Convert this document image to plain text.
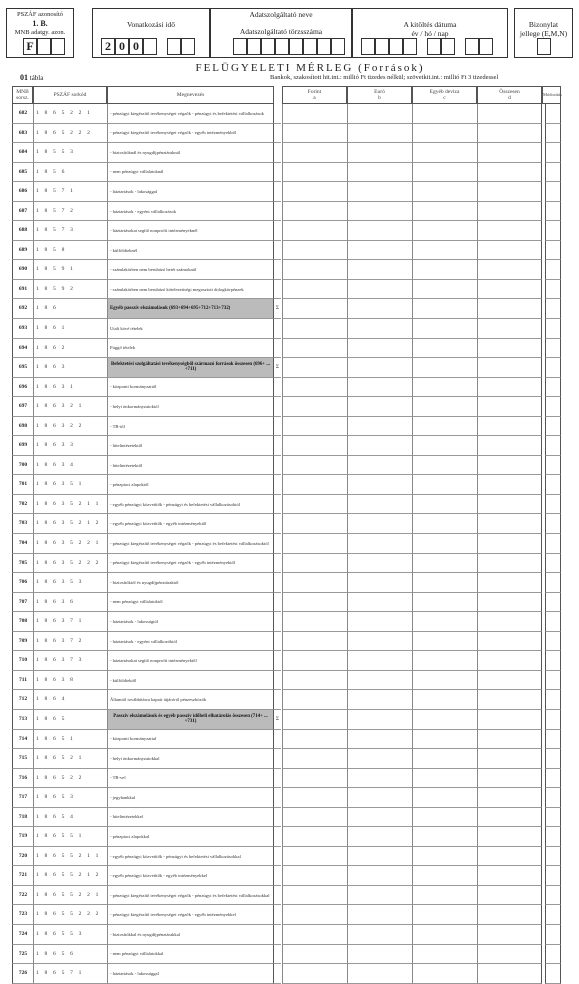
PSZÁF azonosító
1. B.
MNB adatgy. azon.
F
Vonatkozási idő
2 0 0
Adatszolgáltató neve
Adatszolgáltató törzsszáma
A kitöltés dátuma
év / hó / nap
Bizonylat
jellege (E,M,N)
FELÜGYELETI MÉRLEG (Források)
01 tábla	Bankok, szakosított hit.int.: millió Ft tizedes nélkül; szövetkit.int.: millió Ft 3 tizedessel
MNB sorsz.	PSZÁF sorkód	Megnevezés	Forint
a
Euró
b
Egyéb deviza
c
Összesen
d
Módosítás
682	1 8 6 5 2 2 1	- pénzügyi kiegészítő tevékenységet végzők - pénzügyi és befektetési vállalkozások
683	1 8 6 5 2 2 2	- pénzügyi kiegészítő tevékenységet végzők - egyéb intézményekből
684	1 8 5 5 3	- biztosítóknál és nyugdíjpénztáraknál
685	1 8 5 6	- nem pénzügyi vállalatoknál
686	1 8 5 7 1	- háztartások - lakosággal
687	1 8 5 7 2	- háztartások - egyéni vállalkozások
688	1 8 5 7 3	- háztartásokat segítő nonprofit intézményeknél
689	1 8 5 8	- külföldieknél
690	1 8 5 9 1	- számlakörben nem beruházó betét számoknál
691	1 8 5 9 2	- számlakörben nem beruházó kötelezettségi megosztott dologkörpénzek
692	1 8 6	Egyéb passzív elszámolások (693+694+695+712+713+732)	Σ
693	1 8 6 1	Utalt kövé tételek
694	1 8 6 2	Függő tételek
695	1 8 6 3	Befektetési szolgáltatási tevékenységből származó források összesen (696+ ... +711)	Σ
696	1 8 6 3 1	- központi kormányzattól
697	1 8 6 3 2 1	- helyi önkormányzatoktól
698	1 8 6 3 2 2	- TB-től
699	1 8 6 3 3	- hitelintézetektől
700	1 8 6 3 4	- hitelintézetektől
701	1 8 6 3 5 1	- pénzpiaci alapoktól
702	1 8 6 3 5 2 1 1	- egyéb pénzügyi közvetítők - pénzügyi és befektetési vállalkozásoktól
703	1 8 6 3 5 2 1 2	- egyéb pénzügyi közvetítők - egyéb intézményektől
704	1 8 6 3 5 2 2 1	- pénzügyi kiegészítő tevékenységet végzők - pénzügyi és befektetési vállalkozásoktól
705	1 8 6 3 5 2 2 2	- pénzügyi kiegészítő tevékenységet végzők - egyéb intézményektől
706	1 8 6 3 5 3	- biztosítóktól és nyugdíjpénztáraktól
707	1 8 6 3 6	- nem pénzügyi vállalatoktól
708	1 8 6 3 7 1	- háztartások - lakosságtól
709	1 8 6 3 7 2	- háztartások - egyéni vállalkozóktól
710	1 8 6 3 7 3	- háztartásokat segítő nonprofit intézményektől
711	1 8 6 3 8	- külföldiektől
712	1 8 6 4	Államtól továbbításra kapott átjáróról pénzeszközök
713	1 8 6 5	Passzív elszámolások és egyéb passzív időbeli elhatárolás összesen (714+ ... +731)	Σ
714	1 8 6 5 1	- központi kormányzattal
715	1 8 6 5 2 1	- helyi önkormányzatokkal
716	1 8 6 5 2 2	- TB-vel
717	1 8 6 5 3	- jegybankkal
718	1 8 6 5 4	- hitelintézetekkel
719	1 8 6 5 5 1	- pénzpiaci alapokkal
720	1 8 6 5 5 2 1 1	- egyéb pénzügyi közvetítők - pénzügyi és befektetési vállalkozásokkal
721	1 8 6 5 5 2 1 2	- egyéb pénzügyi közvetítők - egyéb intézményekkel
722	1 8 6 5 5 2 2 1	- pénzügyi kiegészítő tevékenységet végzők - pénzügyi és befektetési vállalkozásokkal
723	1 8 6 5 5 2 2 2	- pénzügyi kiegészítő tevékenységet végzők - egyéb intézményekkel
724	1 8 6 5 5 3	- biztosítókkal és nyugdíjpénztárakkal
725	1 8 6 5 6	- nem pénzügyi vállalatokkal
726	1 8 6 5 7 1	- háztartások - lakossággal
